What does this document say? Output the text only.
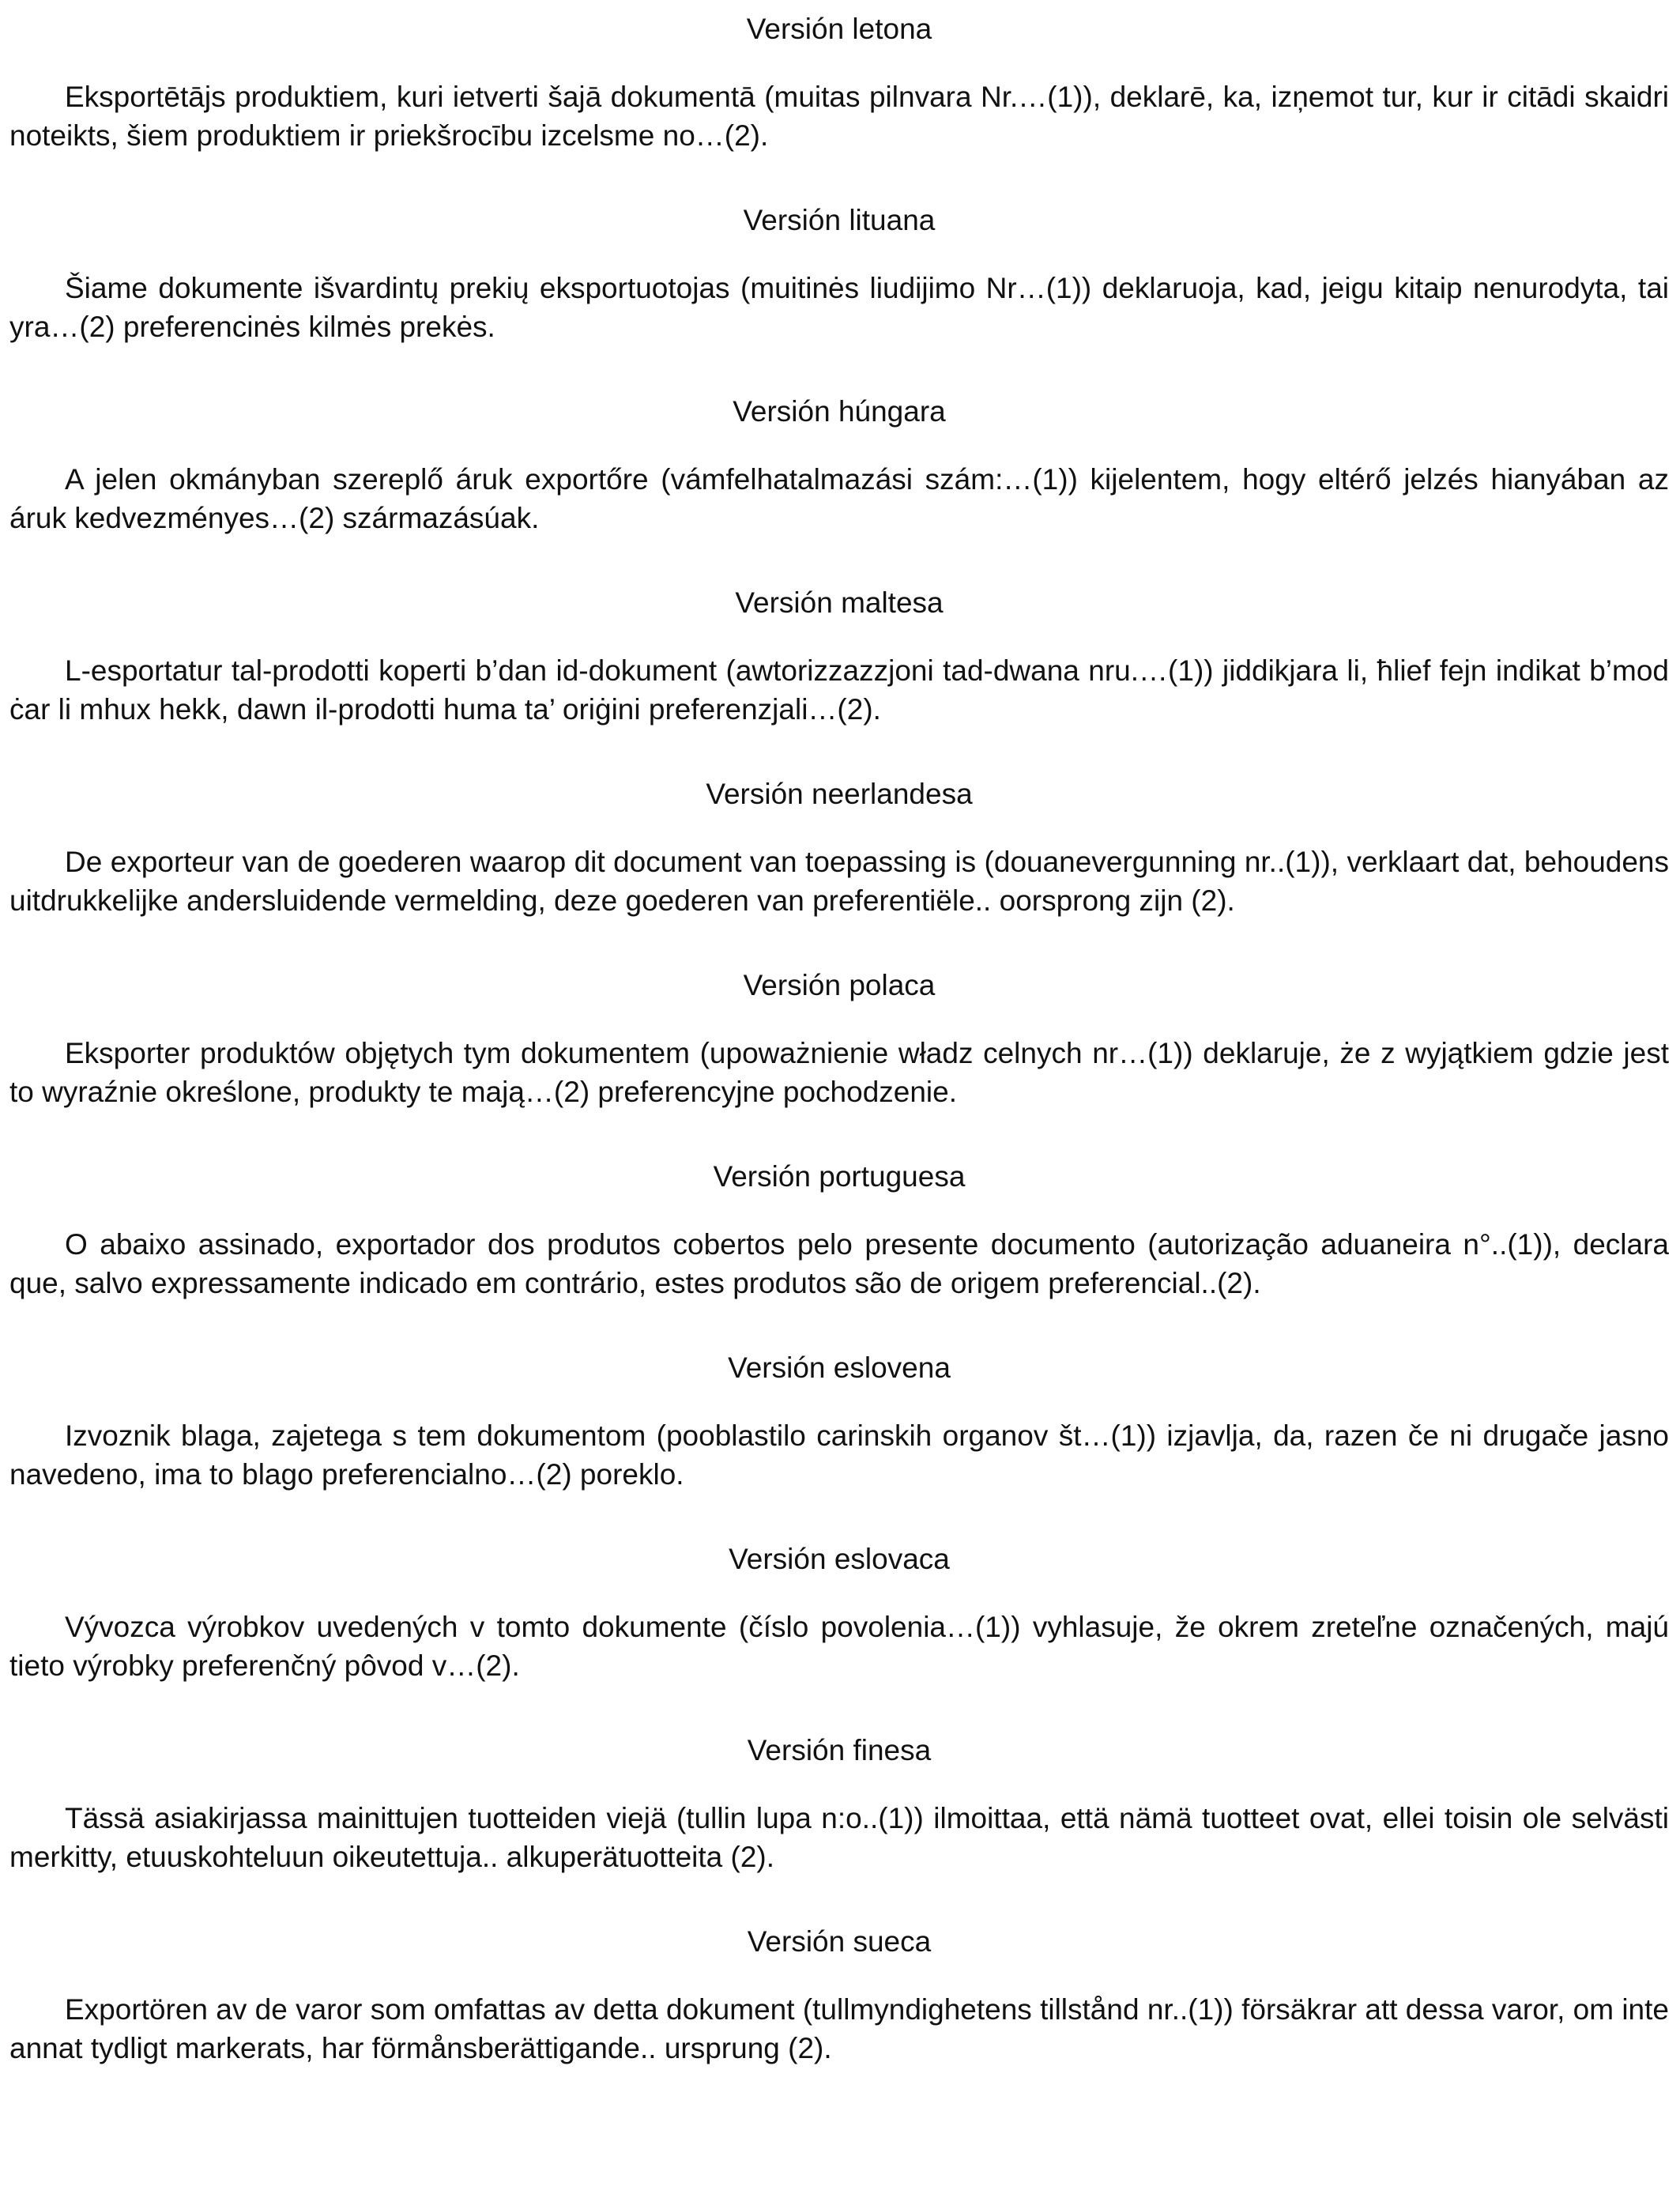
Versión letona

Eksportētājs produktiem, kuri ietverti šajā dokumentā (muitas pilnvara Nr.…(1)), deklarē, ka, izņemot tur, kur ir citādi skaidri noteikts, šiem produktiem ir priekšrocību izcelsme no…(2).

Versión lituana

Šiame dokumente išvardintų prekių eksportuotojas (muitinės liudijimo Nr…(1)) deklaruoja, kad, jeigu kitaip nenurodyta, tai yra…(2) preferencinės kilmės prekės.

Versión húngara

A jelen okmányban szereplő áruk exportőre (vámfelhatalmazási szám:…(1)) kijelentem, hogy eltérő jelzés hianyában az áruk kedvezményes…(2) származásúak.

Versión maltesa

L-esportatur tal-prodotti koperti b’dan id-dokument (awtorizzazzjoni tad-dwana nru.…(1)) jiddikjara li, ħlief fejn indikat b’mod ċar li mhux hekk, dawn il-prodotti huma ta’ oriġini preferenzjali…(2).

Versión neerlandesa

De exporteur van de goederen waarop dit document van toepassing is (douanevergunning nr..(1)), verklaart dat, behoudens uitdrukkelijke andersluidende vermelding, deze goederen van preferentiële.. oorsprong zijn (2).

Versión polaca

Eksporter produktów objętych tym dokumentem (upoważnienie władz celnych nr…(1)) deklaruje, że z wyjątkiem gdzie jest to wyraźnie określone, produkty te mają…(2) preferencyjne pochodzenie.

Versión portuguesa

O abaixo assinado, exportador dos produtos cobertos pelo presente documento (autorização aduaneira n°..(1)), declara que, salvo expressamente indicado em contrário, estes produtos são de origem preferencial..(2).

Versión eslovena

Izvoznik blaga, zajetega s tem dokumentom (pooblastilo carinskih organov št…(1)) izjavlja, da, razen če ni drugače jasno navedeno, ima to blago preferencialno…(2) poreklo.

Versión eslovaca

Vývozca výrobkov uvedených v tomto dokumente (číslo povolenia…(1)) vyhlasuje, že okrem zreteľne označených, majú tieto výrobky preferenčný pôvod v…(2).

Versión finesa

Tässä asiakirjassa mainittujen tuotteiden viejä (tullin lupa n:o..(1)) ilmoittaa, että nämä tuotteet ovat, ellei toisin ole selvästi merkitty, etuuskohteluun oikeutettuja.. alkuperätuotteita (2).

Versión sueca

Exportören av de varor som omfattas av detta dokument (tullmyndighetens tillstånd nr..(1)) försäkrar att dessa varor, om inte annat tydligt markerats, har förmånsberättigande.. ursprung (2).
